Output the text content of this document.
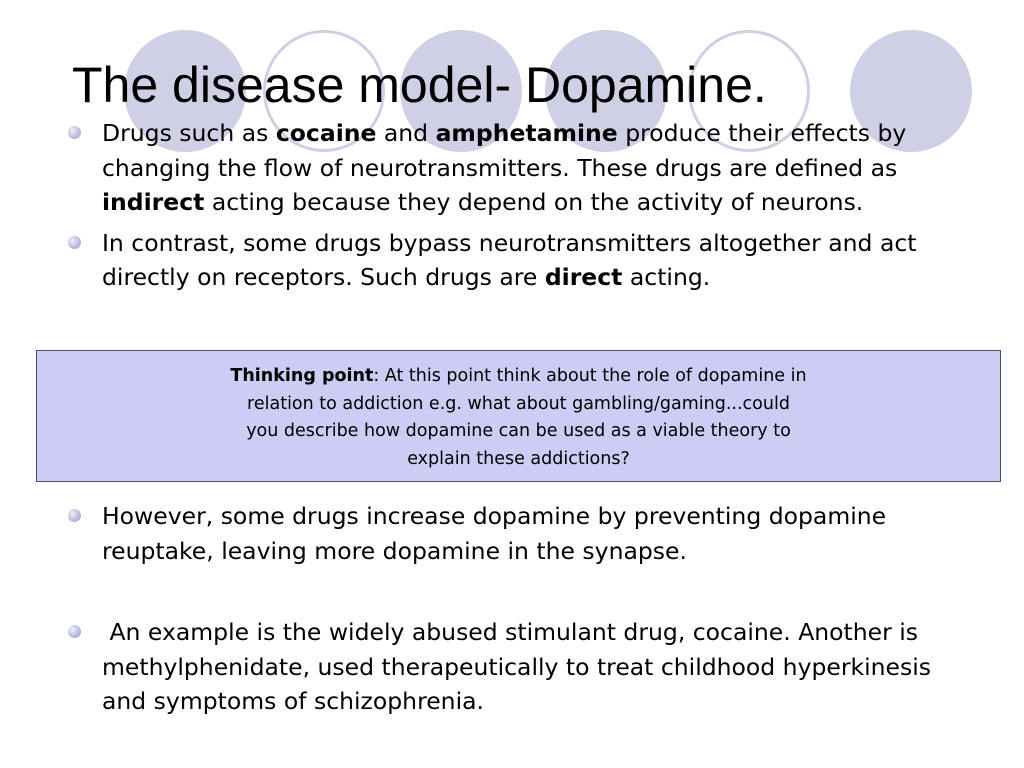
The disease model- Dopamine.

Drugs such as cocaine and amphetamine produce their effects by changing the flow of neurotransmitters. These drugs are defined as indirect acting because they depend on the activity of neurons.

In contrast, some drugs bypass neurotransmitters altogether and act directly on receptors. Such drugs are direct acting.

Thinking point: At this point think about the role of dopamine in
relation to addiction e.g. what about gambling/gaming...could
you describe how dopamine can be used as a viable theory to
explain these addictions?

However, some drugs increase dopamine by preventing dopamine reuptake, leaving more dopamine in the synapse.

An example is the widely abused stimulant drug, cocaine. Another is methylphenidate, used therapeutically to treat childhood hyperkinesis and symptoms of schizophrenia.
